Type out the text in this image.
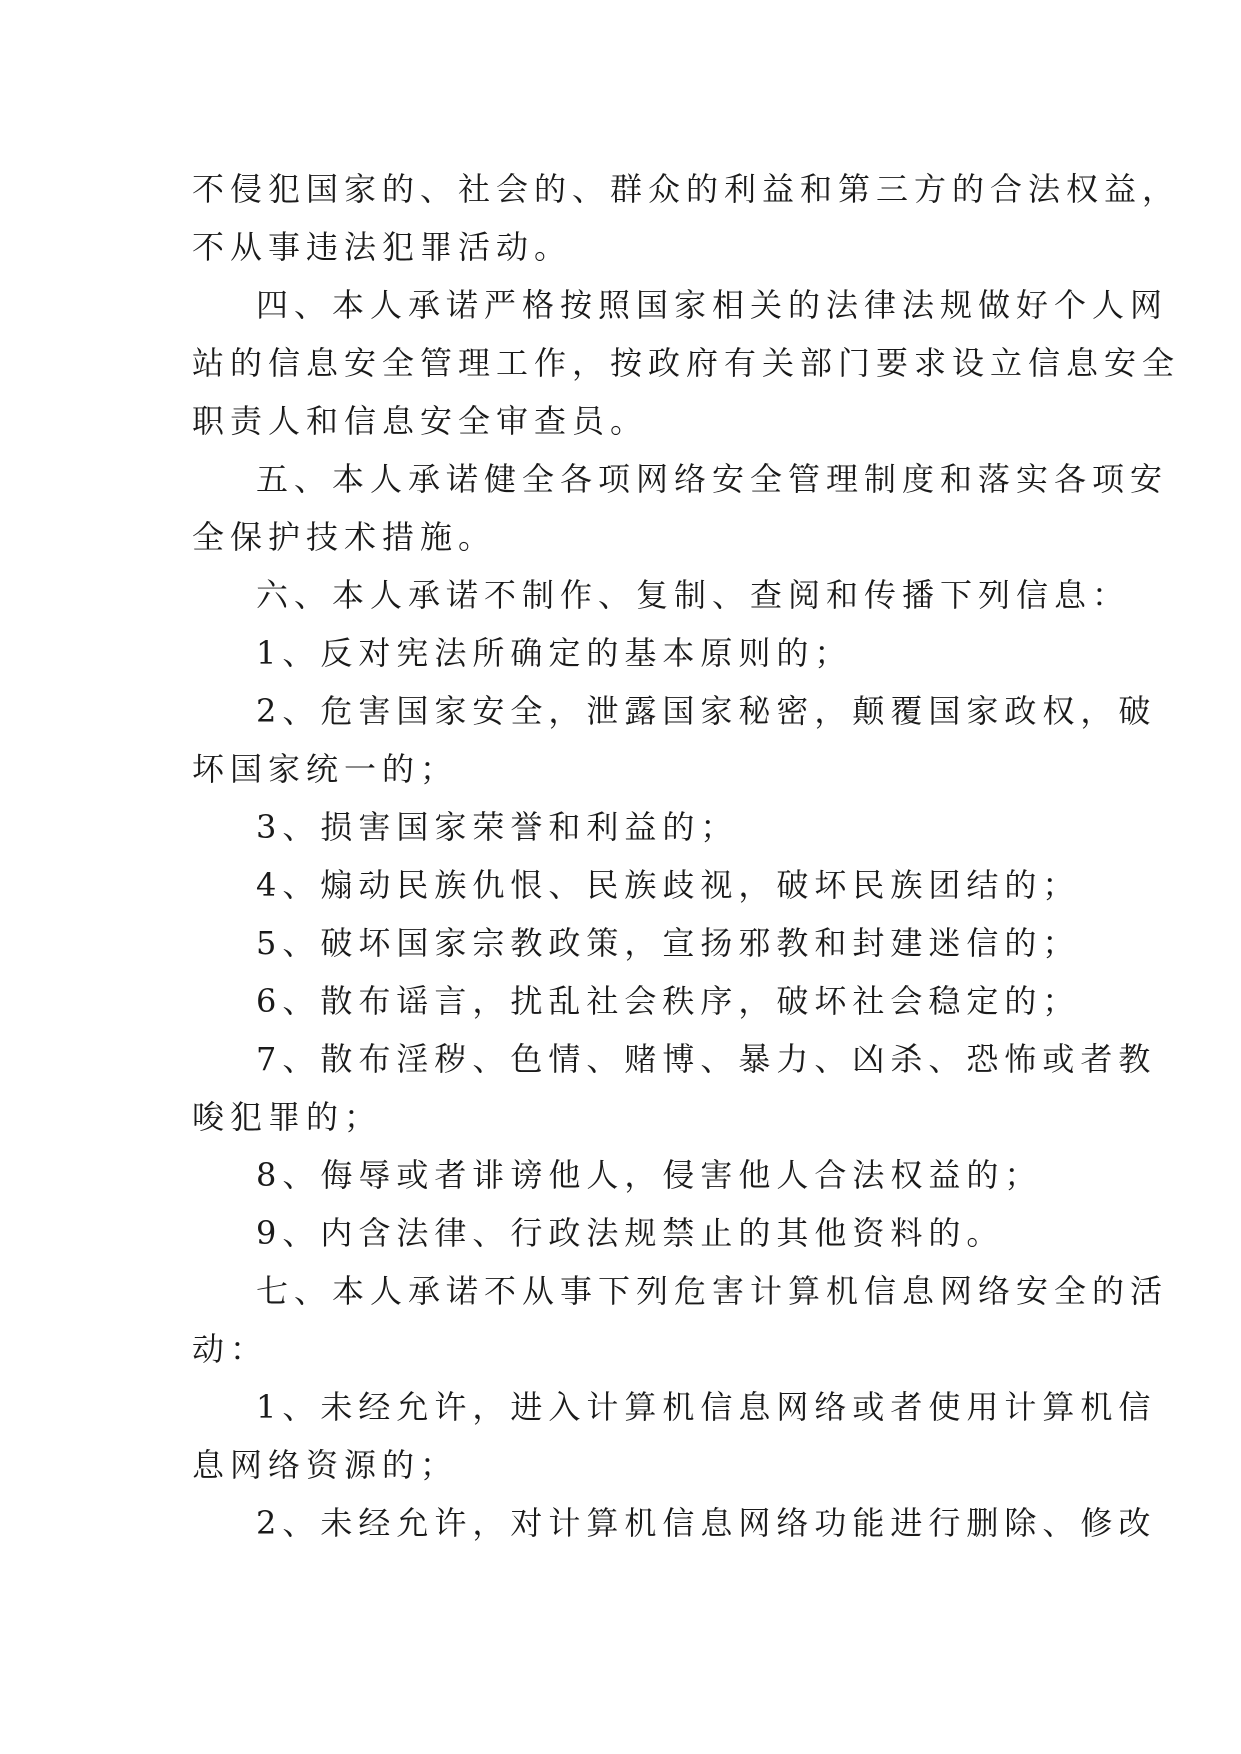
不侵犯国家的、社会的、群众的利益和第三方的合法权益，
不从事违法犯罪活动。
四、本人承诺严格按照国家相关的法律法规做好个人网
站的信息安全管理工作，按政府有关部门要求设立信息安全
职责人和信息安全审查员。
五、本人承诺健全各项网络安全管理制度和落实各项安
全保护技术措施。
六、本人承诺不制作、复制、查阅和传播下列信息：
1、反对宪法所确定的基本原则的；
2、危害国家安全，泄露国家秘密，颠覆国家政权，破
坏国家统一的；
3、损害国家荣誉和利益的；
4、煽动民族仇恨、民族歧视，破坏民族团结的；
5、破坏国家宗教政策，宣扬邪教和封建迷信的；
6、散布谣言，扰乱社会秩序，破坏社会稳定的；
7、散布淫秽、色情、赌博、暴力、凶杀、恐怖或者教
唆犯罪的；
8、侮辱或者诽谤他人，侵害他人合法权益的；
9、内含法律、行政法规禁止的其他资料的。
七、本人承诺不从事下列危害计算机信息网络安全的活
动：
1、未经允许，进入计算机信息网络或者使用计算机信
息网络资源的；
2、未经允许，对计算机信息网络功能进行删除、修改
